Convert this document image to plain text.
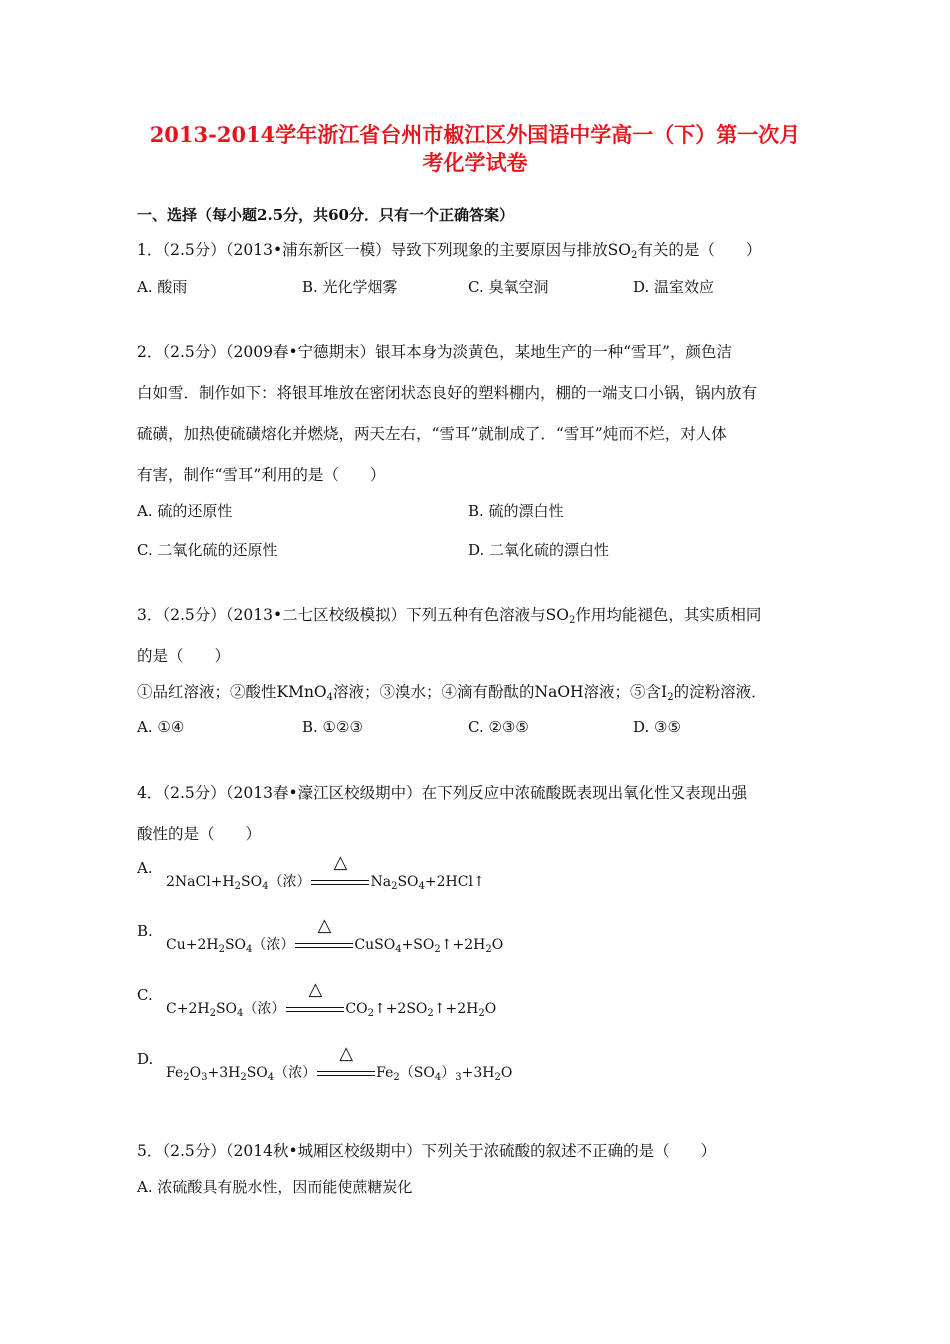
2013-2014学年浙江省台州市椒江区外国语中学高一（下）第一次月
考化学试卷
一、选择（每小题2.5分，共60分．只有一个正确答案）
1．（2.5分）（2013•浦东新区一模）导致下列现象的主要原因与排放$SO_2$有关的是（　　）
A. 酸雨	B. 光化学烟雾	C. 臭氧空洞	D. 温室效应
2．（2.5分）（2009春•宁德期末）银耳本身为淡黄色，某地生产的一种“雪耳”，颜色洁
白如雪．制作如下：将银耳堆放在密闭状态良好的塑料棚内，棚的一端支口小锅，锅内放有
硫磺，加热使硫磺熔化并燃烧，两天左右，“雪耳”就制成了．“雪耳”炖而不烂，对人体
有害，制作“雪耳”利用的是（　　）
A. 硫的还原性	B. 硫的漂白性
C. 二氧化硫的还原性	D. 二氧化硫的漂白性
3．（2.5分）（2013•二七区校级模拟）下列五种有色溶液与$SO_2$作用均能褪色，其实质相同
的是（　　）
①品红溶液；②酸性KMnO$_4$溶液；③溴水；④滴有酚酞的NaOH溶液；⑤含$I_2$的淀粉溶液．
A. ①④	B. ①②③	C. ②③⑤	D. ③⑤
4．（2.5分）（2013春•濠江区校级期中）在下列反应中浓硫酸既表现出氧化性又表现出强
酸性的是（　　）
A.
$2NaCl+H_2SO_4$（浓）
△
$Na_2SO_4+2HCl↑$
B.
$Cu+2H_2SO_4$（浓）
△
$CuSO_4+SO_2↑+2H_2O$
C.
$C+2H_2SO_4$（浓）
△
$CO_2↑+2SO_2↑+2H_2O$
D.
$Fe_2O_3+3H_2SO_4$（浓）
△
$Fe_2(SO_4)_3+3H_2O$
5．（2.5分）（2014秋•城厢区校级期中）下列关于浓硫酸的叙述不正确的是（　　）
A. 浓硫酸具有脱水性，因而能使蔗糖炭化
